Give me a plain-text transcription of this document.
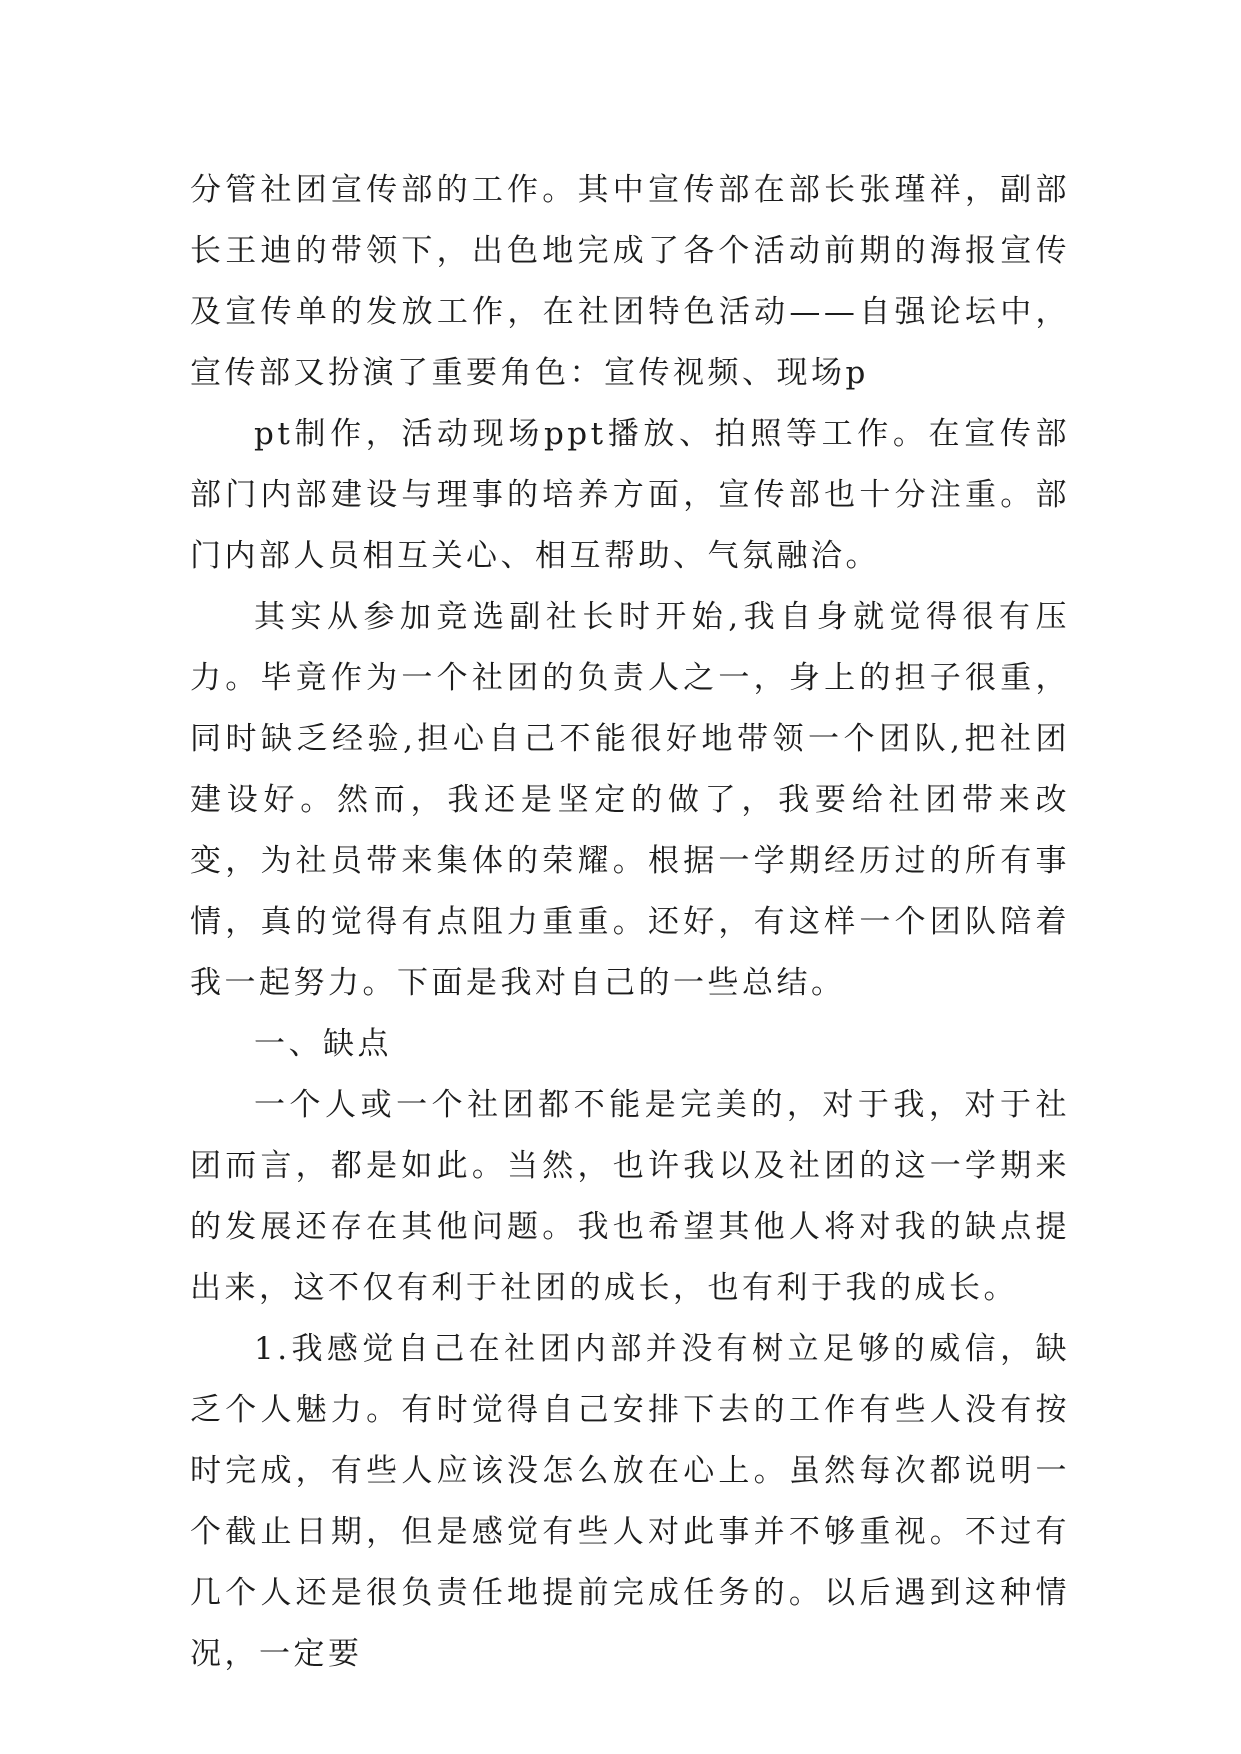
分管社团宣传部的工作。其中宣传部在部长张瑾祥，副部长王迪的带领下，出色地完成了各个活动前期的海报宣传及宣传单的发放工作，在社团特色活动——自强论坛中，宣传部又扮演了重要角色：宣传视频、现场p

pt制作，活动现场ppt播放、拍照等工作。在宣传部部门内部建设与理事的培养方面，宣传部也十分注重。部门内部人员相互关心、相互帮助、气氛融洽。

其实从参加竞选副社长时开始,我自身就觉得很有压力。毕竟作为一个社团的负责人之一，身上的担子很重，同时缺乏经验,担心自己不能很好地带领一个团队,把社团建设好。然而，我还是坚定的做了，我要给社团带来改变，为社员带来集体的荣耀。根据一学期经历过的所有事情，真的觉得有点阻力重重。还好，有这样一个团队陪着我一起努力。下面是我对自己的一些总结。

一、缺点

一个人或一个社团都不能是完美的，对于我，对于社团而言，都是如此。当然，也许我以及社团的这一学期来的发展还存在其他问题。我也希望其他人将对我的缺点提出来，这不仅有利于社团的成长，也有利于我的成长。

1.我感觉自己在社团内部并没有树立足够的威信，缺乏个人魅力。有时觉得自己安排下去的工作有些人没有按时完成，有些人应该没怎么放在心上。虽然每次都说明一个截止日期，但是感觉有些人对此事并不够重视。不过有几个人还是很负责任地提前完成任务的。以后遇到这种情况，一定要
